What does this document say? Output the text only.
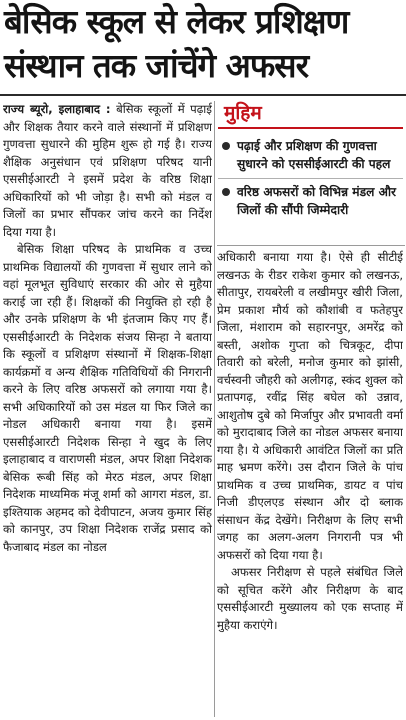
बेसिक स्कूल से लेकर प्रशिक्षण
संस्थान तक जांचेंगे अफसर

राज्य ब्यूरो, इलाहाबाद : बेसिक स्कूलों में पढ़ाई और शिक्षक तैयार करने वाले संस्थानों में प्रशिक्षण गुणवत्ता सुधारने की मुहिम शुरू हो गई है। राज्य शैक्षिक अनुसंधान एवं प्रशिक्षण परिषद यानी एससीईआरटी ने इसमें प्रदेश के वरिष्ठ शिक्षा अधिकारियों को भी जोड़ा है। सभी को मंडल व जिलों का प्रभार सौंपकर जांच करने का निर्देश दिया गया है।

बेसिक शिक्षा परिषद के प्राथमिक व उच्च प्राथमिक विद्यालयों की गुणवत्ता में सुधार लाने को वहां मूलभूत सुविधाएं सरकार की ओर से मुहैया कराई जा रही हैं। शिक्षकों की नियुक्ति हो रही है और उनके प्रशिक्षण के भी इंतजाम किए गए हैं। एससीईआरटी के निदेशक संजय सिन्हा ने बताया कि स्कूलों व प्रशिक्षण संस्थानों में शिक्षक-शिक्षा कार्यक्रमों व अन्य शैक्षिक गतिविधियों की निगरानी करने के लिए वरिष्ठ अफसरों को लगाया गया है। सभी अधिकारियों को उस मंडल या फिर जिले का नोडल अधिकारी बनाया गया है। इसमें एससीईआरटी निदेशक सिन्हा ने खुद के लिए इलाहाबाद व वाराणसी मंडल, अपर शिक्षा निदेशक बेसिक रूबी सिंह को मेरठ मंडल, अपर शिक्षा निदेशक माध्यमिक मंजू शर्मा को आगरा मंडल, डा. इश्तियाक अहमद को देवीपाटन, अजय कुमार सिंह को कानपुर, उप शिक्षा निदेशक राजेंद्र प्रसाद को फैजाबाद मंडल का नोडल

मुहिम
पढ़ाई और प्रशिक्षण की गुणवत्ता सुधारने को एससीईआरटी की पहल
वरिष्ठ अफसरों को विभिन्न मंडल और जिलों की सौंपी जिम्मेदारी

अधिकारी बनाया गया है। ऐसे ही सीटीई लखनऊ के रीडर राकेश कुमार को लखनऊ, सीतापुर, रायबरेली व लखीमपुर खीरी जिला, प्रेम प्रकाश मौर्य को कौशांबी व फतेहपुर जिला, मंशाराम को सहारनपुर, अमरेंद्र को बस्ती, अशोक गुप्ता को चित्रकूट, दीपा तिवारी को बरेली, मनोज कुमार को झांसी, वर्चस्वनी जौहरी को अलीगढ़, स्कंद शुक्ल को प्रतापगढ़, रवींद्र सिंह बघेल को उन्नाव, आशुतोष दुबे को मिर्जापुर और प्रभावती वर्मा को मुरादाबाद जिले का नोडल अफसर बनाया गया है। ये अधिकारी आवंटित जिलों का प्रति माह भ्रमण करेंगे। उस दौरान जिले के पांच प्राथमिक व उच्च प्राथमिक, डायट व पांच निजी डीएलएड संस्थान और दो ब्लाक संसाधन केंद्र देखेंगे। निरीक्षण के लिए सभी जगह का अलग-अलग निगरानी पत्र भी अफसरों को दिया गया है।

अफसर निरीक्षण से पहले संबंधित जिले को सूचित करेंगे और निरीक्षण के बाद एससीईआरटी मुख्यालय को एक सप्ताह में मुहैया कराएंगे।
